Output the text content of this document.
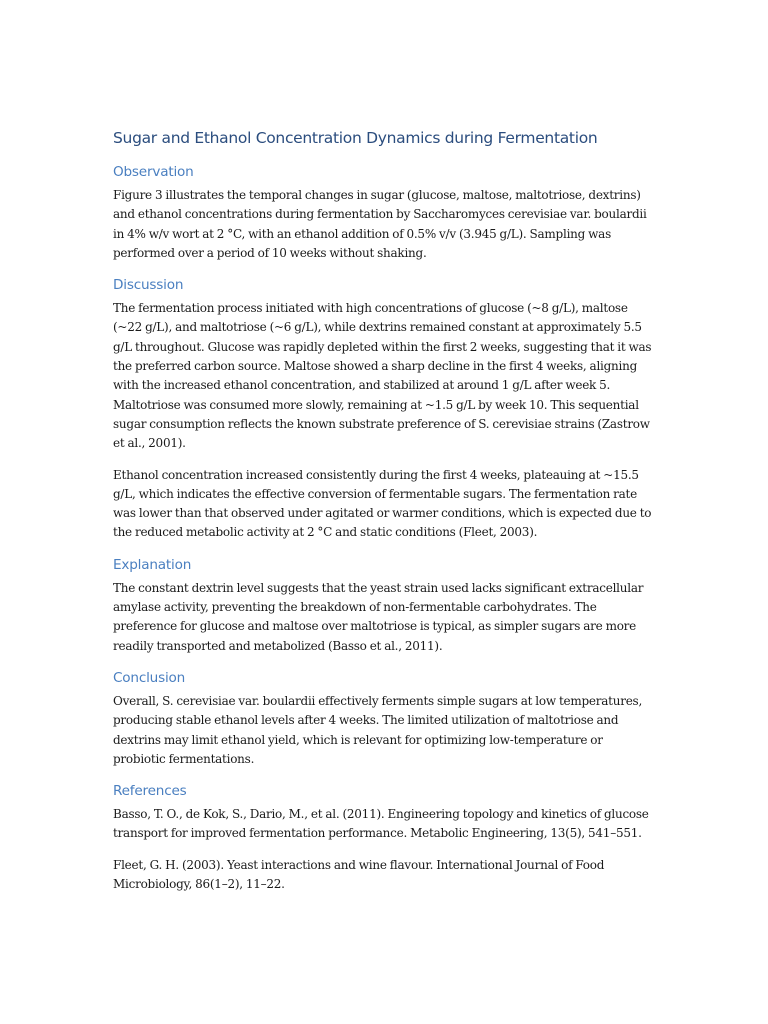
Sugar and Ethanol Concentration Dynamics during Fermentation
Observation

Figure 3 illustrates the temporal changes in sugar (glucose, maltose, maltotriose, dextrins) and ethanol concentrations during fermentation by Saccharomyces cerevisiae var. boulardii in 4% w/v wort at 2 °C, with an ethanol addition of 0.5% v/v (3.945 g/L). Sampling was performed over a period of 10 weeks without shaking.

Discussion

The fermentation process initiated with high concentrations of glucose (~8 g/L), maltose (~22 g/L), and maltotriose (~6 g/L), while dextrins remained constant at approximately 5.5 g/L throughout. Glucose was rapidly depleted within the first 2 weeks, suggesting that it was the preferred carbon source. Maltose showed a sharp decline in the first 4 weeks, aligning with the increased ethanol concentration, and stabilized at around 1 g/L after week 5. Maltotriose was consumed more slowly, remaining at ~1.5 g/L by week 10. This sequential sugar consumption reflects the known substrate preference of S. cerevisiae strains (Zastrow et al., 2001).

Ethanol concentration increased consistently during the first 4 weeks, plateauing at ~15.5 g/L, which indicates the effective conversion of fermentable sugars. The fermentation rate was lower than that observed under agitated or warmer conditions, which is expected due to the reduced metabolic activity at 2 °C and static conditions (Fleet, 2003).

Explanation

The constant dextrin level suggests that the yeast strain used lacks significant extracellular amylase activity, preventing the breakdown of non-fermentable carbohydrates. The preference for glucose and maltose over maltotriose is typical, as simpler sugars are more readily transported and metabolized (Basso et al., 2011).

Conclusion

Overall, S. cerevisiae var. boulardii effectively ferments simple sugars at low temperatures, producing stable ethanol levels after 4 weeks. The limited utilization of maltotriose and dextrins may limit ethanol yield, which is relevant for optimizing low-temperature or probiotic fermentations.

References

Basso, T. O., de Kok, S., Dario, M., et al. (2011). Engineering topology and kinetics of glucose transport for improved fermentation performance. Metabolic Engineering, 13(5), 541–551.

Fleet, G. H. (2003). Yeast interactions and wine flavour. International Journal of Food Microbiology, 86(1–2), 11–22.
